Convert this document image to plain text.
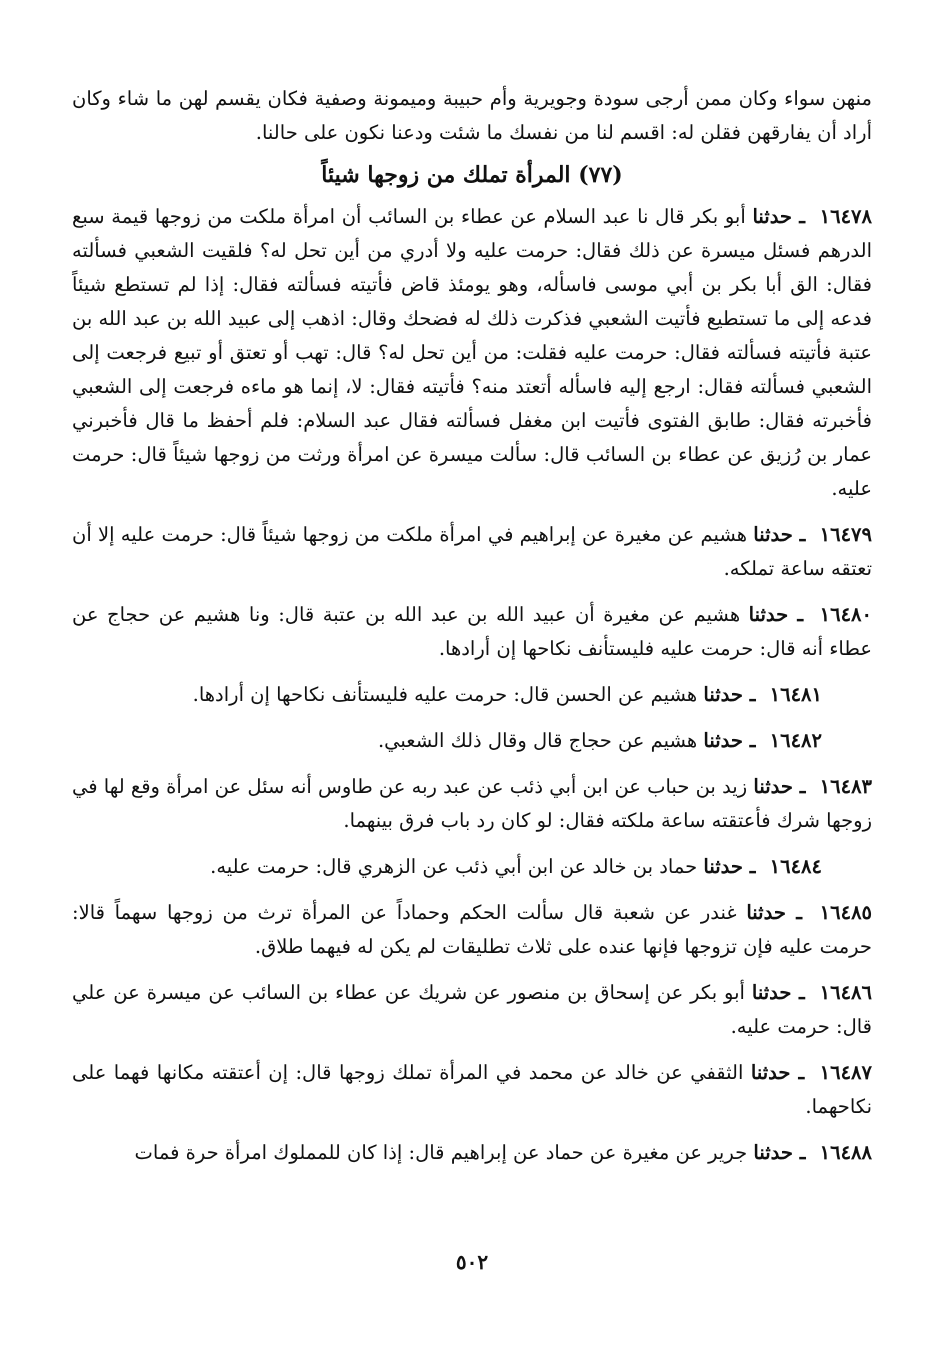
منهن سواء وكان ممن أرجى سودة وجويرية وأم حبيبة وميمونة وصفية فكان يقسم لهن ما شاء وكان أراد أن يفارقهن فقلن له: اقسم لنا من نفسك ما شئت ودعنا نكون على حالنا.

(٧٧) المرأة تملك من زوجها شيئاً

١٦٤٧٨ ـ حدثنا أبو بكر قال نا عبد السلام عن عطاء بن السائب أن امرأة ملكت من زوجها قيمة سبع الدرهم فسئل ميسرة عن ذلك فقال: حرمت عليه ولا أدري من أين تحل له؟ فلقيت الشعبي فسألته فقال: الق أبا بكر بن أبي موسى فاسأله، وهو يومئذ قاض فأتيته فسألته فقال: إذا لم تستطع شيئاً فدعه إلى ما تستطيع فأتيت الشعبي فذكرت ذلك له فضحك وقال: اذهب إلى عبيد الله بن عبد الله بن عتبة فأتيته فسألته فقال: حرمت عليه فقلت: من أين تحل له؟ قال: تهب أو تعتق أو تبيع فرجعت إلى الشعبي فسألته فقال: ارجع إليه فاسأله أتعتد منه؟ فأتيته فقال: لا، إنما هو ماءه فرجعت إلى الشعبي فأخبرته فقال: طابق الفتوى فأتيت ابن مغفل فسألته فقال عبد السلام: فلم أحفظ ما قال فأخبرني عمار بن رُزيق عن عطاء بن السائب قال: سألت ميسرة عن امرأة ورثت من زوجها شيئاً قال: حرمت عليه.

١٦٤٧٩ ـ حدثنا هشيم عن مغيرة عن إبراهيم في امرأة ملكت من زوجها شيئاً قال: حرمت عليه إلا أن تعتقه ساعة تملكه.

١٦٤٨٠ ـ حدثنا هشيم عن مغيرة أن عبيد الله بن عبد الله بن عتبة قال: ونا هشيم عن حجاج عن عطاء أنه قال: حرمت عليه فليستأنف نكاحها إن أرادها.

١٦٤٨١ ـ حدثنا هشيم عن الحسن قال: حرمت عليه فليستأنف نكاحها إن أرادها.

١٦٤٨٢ ـ حدثنا هشيم عن حجاج قال وقال ذلك الشعبي.

١٦٤٨٣ ـ حدثنا زيد بن حباب عن ابن أبي ذئب عن عبد ربه عن طاوس أنه سئل عن امرأة وقع لها في زوجها شرك فأعتقته ساعة ملكته فقال: لو كان رد باب فرق بينهما.

١٦٤٨٤ ـ حدثنا حماد بن خالد عن ابن أبي ذئب عن الزهري قال: حرمت عليه.

١٦٤٨٥ ـ حدثنا غندر عن شعبة قال سألت الحكم وحماداً عن المرأة ترث من زوجها سهماً قالا: حرمت عليه فإن تزوجها فإنها عنده على ثلاث تطليقات لم يكن له فيهما طلاق.

١٦٤٨٦ ـ حدثنا أبو بكر عن إسحاق بن منصور عن شريك عن عطاء بن السائب عن ميسرة عن علي قال: حرمت عليه.

١٦٤٨٧ ـ حدثنا الثقفي عن خالد عن محمد في المرأة تملك زوجها قال: إن أعتقته مكانها فهما على نكاحهما.

١٦٤٨٨ ـ حدثنا جرير عن مغيرة عن حماد عن إبراهيم قال: إذا كان للمملوك امرأة حرة فمات

٥٠٢
